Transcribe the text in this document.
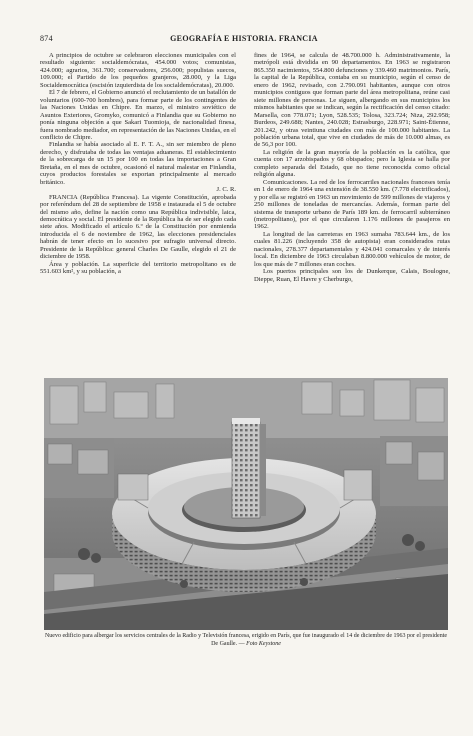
874	GEOGRAFÍA E HISTORIA. FRANCIA

A principios de octubre se celebraron elecciones municipales con el resultado siguiente: socialdemócratas, 454.000 votos; comunistas, 424.000; agrarios, 361.700; conservadores, 256.000; populistas suecos, 109.000; el Partido de los pequeños granjeros, 28.000, y la Liga Socialdemocrática (escisión izquierdista de los socialdemócratas), 20.000.

El 7 de febrero, el Gobierno anunció el reclutamiento de un batallón de voluntarios (600-700 hombres), para formar parte de los contingentes de las Naciones Unidas en Chipre. En marzo, el ministro soviético de Asuntos Exteriores, Gromyko, comunicó a Finlandia que su Gobierno no ponía ninguna objeción a que Sakari Tuomioja, de nacionalidad finesa, fuera nombrado mediador, en representación de las Naciones Unidas, en el conflicto de Chipre.

Finlandia se había asociado al E. F. T. A., sin ser miembro de pleno derecho, y disfrutaba de todas las ventajas aduaneras. El establecimiento de la sobrecarga de un 15 por 100 en todas las importaciones a Gran Bretaña, en el mes de octubre, ocasionó el natural malestar en Finlandia, cuyos productos forestales se exportan principalmente al mercado británico.

J. C. R.

FRANCIA (República Francesa). La vigente Constitución, aprobada por referéndum del 28 de septiembre de 1958 e instaurada el 5 de octubre del mismo año, define la nación como una República indivisible, laica, democrática y social. El presidente de la República ha de ser elegido cada siete años. Modificado el artículo 6.º de la Constitución por enmienda introducida el 6 de noviembre de 1962, las elecciones presidenciales habrán de tener efecto en lo sucesivo por sufragio universal directo. Presidente de la República: general Charles De Gaulle, elegido el 21 de diciembre de 1958.

Área y población. La superficie del territorio metropolitano es de 551.603 km², y su población, a

fines de 1964, se calcula de 48.700.000 h. Administrativamente, la metrópoli está dividida en 90 departamentos. En 1963 se registraron 865.350 nacimientos, 554.800 defunciones y 339.460 matrimonios. París, la capital de la República, contaba en su municipio, según el censo de enero de 1962, revisado, con 2.790.091 habitantes, aunque con otros municipios contiguos que forman parte del área metropolitana, reúne casi siete millones de personas. Le siguen, albergando en sus municipios los mismos habitantes que se indican, según la rectificación del censo citado: Marsella, con 778.071; Lyon, 528.535; Tolosa, 323.724; Niza, 292.958; Burdeos, 249.688; Nantes, 240.028; Estrasburgo, 228.971; Saint-Étienne, 201.242, y otras veintiuna ciudades con más de 100.000 habitantes. La población urbana total, que vive en ciudades de más de 10.000 almas, es de 56,3 por 100.

La religión de la gran mayoría de la población es la católica, que cuenta con 17 arzobispados y 68 obispados; pero la Iglesia se halla por completo separada del Estado, que no tiene reconocida como oficial religión alguna.

Comunicaciones. La red de los ferrocarriles nacionales franceses tenía en 1 de enero de 1964 una extensión de 38.550 km. (7.778 electrificados), y por ella se registró en 1963 un movimiento de 599 millones de viajeros y 250 millones de toneladas de mercancías. Además, forman parte del sistema de transporte urbano de París 189 km. de ferrocarril subterráneo (metropolitano), por el que circularon 1.176 millones de pasajeros en 1962.

La longitud de las carreteras en 1963 sumaba 783.644 km., de los cuales 81.226 (incluyendo 358 de autopista) eran considerados rutas nacionales, 278.377 departamentales y 424.041 comarcales y de interés local. En diciembre de 1963 circulaban 8.800.000 vehículos de motor, de los que más de 7 millones eran coches.

Los puertos principales son los de Dunkerque, Calais, Boulogne, Dieppe, Ruan, El Havre y Cherburgo,

Nuevo edificio para albergar los servicios centrales de la Radio y Televisión francesa, erigido en París, que fue inaugurado el 14 de diciembre de 1963 por el presidente De Gaulle. — Foto Keystone
